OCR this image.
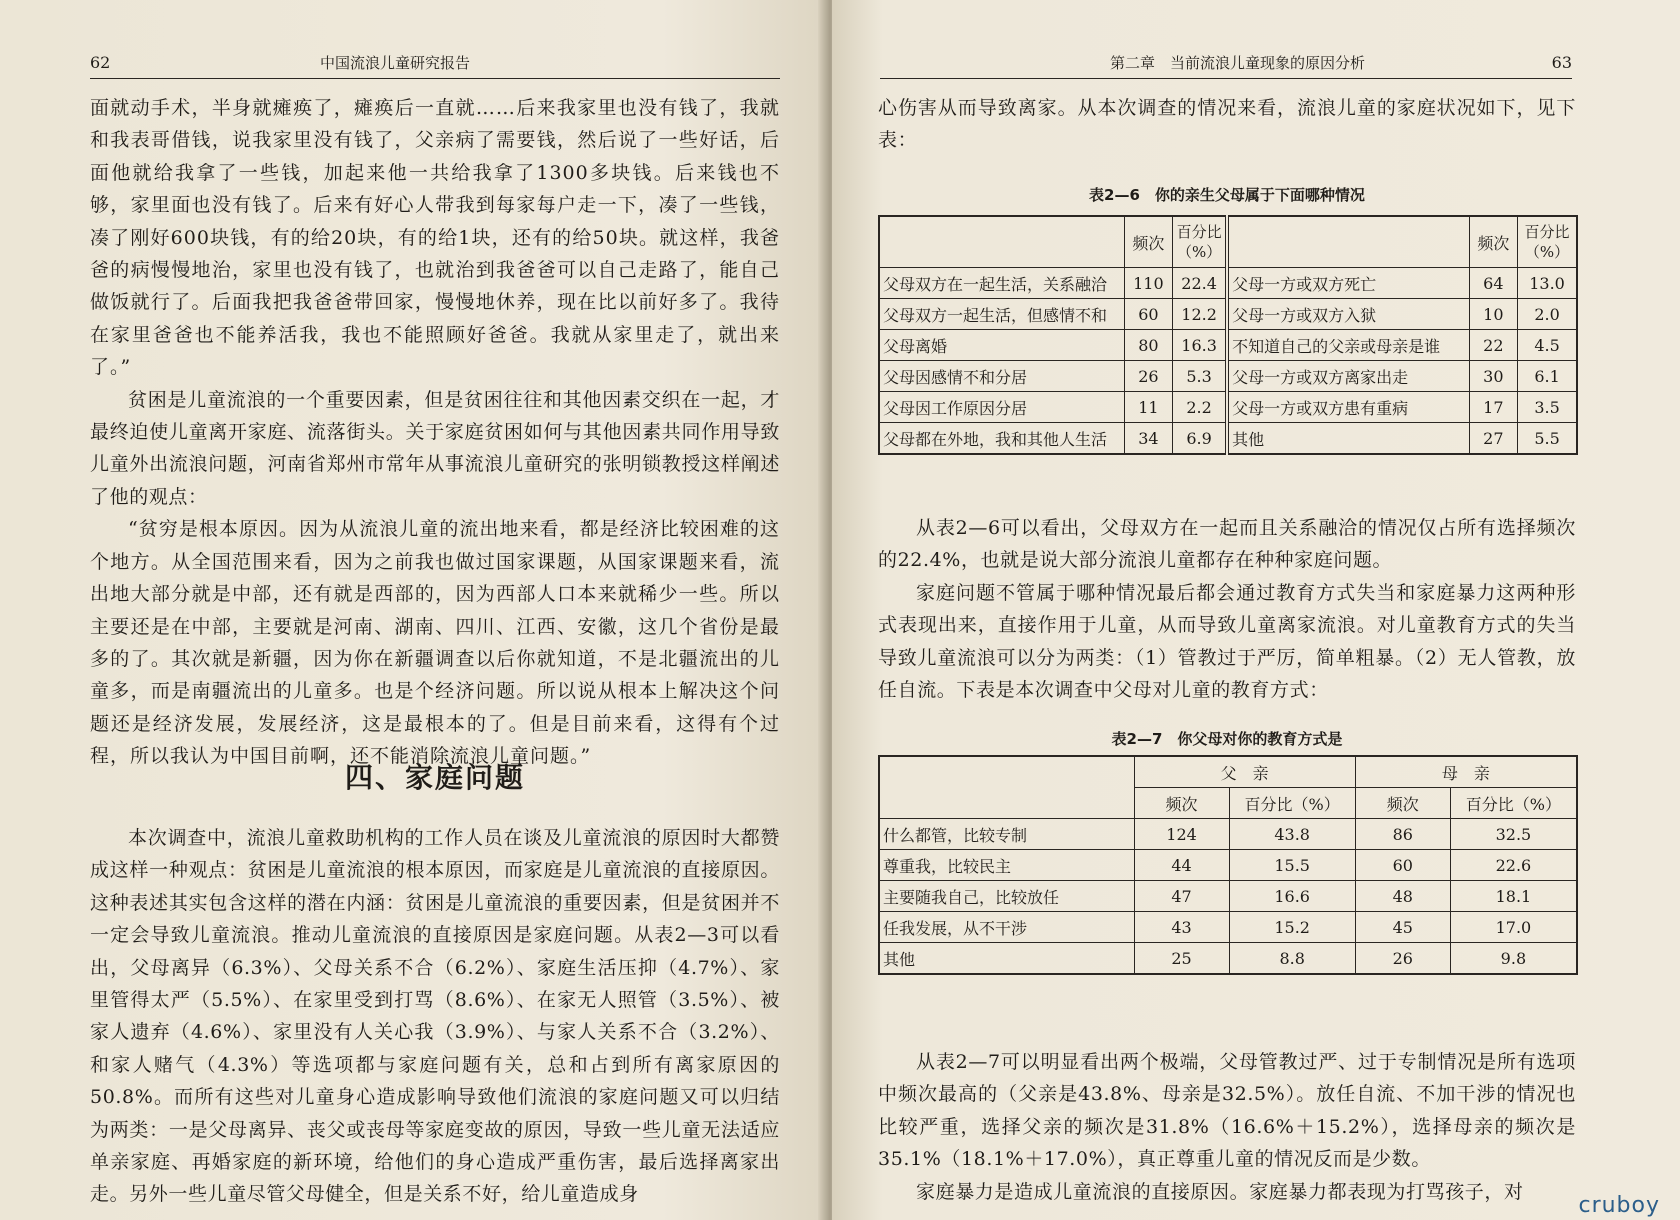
62	中国流浪儿童研究报告

面就动手术，半身就瘫痪了，瘫痪后一直就……后来我家里也没有钱了，我就和我表哥借钱，说我家里没有钱了，父亲病了需要钱，然后说了一些好话，后面他就给我拿了一些钱，加起来他一共给我拿了1300多块钱。后来钱也不够，家里面也没有钱了。后来有好心人带我到每家每户走一下，凑了一些钱，凑了刚好600块钱，有的给20块，有的给1块，还有的给50块。就这样，我爸爸的病慢慢地治，家里也没有钱了，也就治到我爸爸可以自己走路了，能自己做饭就行了。后面我把我爸爸带回家，慢慢地休养，现在比以前好多了。我待在家里爸爸也不能养活我，我也不能照顾好爸爸。我就从家里走了，就出来了。”

贫困是儿童流浪的一个重要因素，但是贫困往往和其他因素交织在一起，才最终迫使儿童离开家庭、流落街头。关于家庭贫困如何与其他因素共同作用导致儿童外出流浪问题，河南省郑州市常年从事流浪儿童研究的张明锁教授这样阐述了他的观点：

“贫穷是根本原因。因为从流浪儿童的流出地来看，都是经济比较困难的这个地方。从全国范围来看，因为之前我也做过国家课题，从国家课题来看，流出地大部分就是中部，还有就是西部的，因为西部人口本来就稀少一些。所以主要还是在中部，主要就是河南、湖南、四川、江西、安徽，这几个省份是最多的了。其次就是新疆，因为你在新疆调查以后你就知道，不是北疆流出的儿童多，而是南疆流出的儿童多。也是个经济问题。所以说从根本上解决这个问题还是经济发展，发展经济，这是最根本的了。但是目前来看，这得有个过程，所以我认为中国目前啊，还不能消除流浪儿童问题。”

四、家庭问题

本次调查中，流浪儿童救助机构的工作人员在谈及儿童流浪的原因时大都赞成这样一种观点：贫困是儿童流浪的根本原因，而家庭是儿童流浪的直接原因。这种表述其实包含这样的潜在内涵：贫困是儿童流浪的重要因素，但是贫困并不一定会导致儿童流浪。推动儿童流浪的直接原因是家庭问题。从表2—3可以看出，父母离异（6.3%）、父母关系不合（6.2%）、家庭生活压抑（4.7%）、家里管得太严（5.5%）、在家里受到打骂（8.6%）、在家无人照管（3.5%）、被家人遗弃（4.6%）、家里没有人关心我（3.9%）、与家人关系不合（3.2%）、和家人赌气（4.3%）等选项都与家庭问题有关，总和占到所有离家原因的50.8%。而所有这些对儿童身心造成影响导致他们流浪的家庭问题又可以归结为两类：一是父母离异、丧父或丧母等家庭变故的原因，导致一些儿童无法适应单亲家庭、再婚家庭的新环境，给他们的身心造成严重伤害，最后选择离家出走。另外一些儿童尽管父母健全，但是关系不好，给儿童造成身

第二章　当前流浪儿童现象的原因分析	63

心伤害从而导致离家。从本次调查的情况来看，流浪儿童的家庭状况如下，见下表：

表2—6　你的亲生父母属于下面哪种情况
	频次	百分比
（%）		频次	百分比
（%）
父母双方在一起生活，关系融洽	110	22.4	父母一方或双方死亡	64	13.0
父母双方一起生活，但感情不和	60	12.2	父母一方或双方入狱	10	2.0
父母离婚	80	16.3	不知道自己的父亲或母亲是谁	22	4.5
父母因感情不和分居	26	5.3	父母一方或双方离家出走	30	6.1
父母因工作原因分居	11	2.2	父母一方或双方患有重病	17	3.5
父母都在外地，我和其他人生活	34	6.9	其他	27	5.5

从表2—6可以看出，父母双方在一起而且关系融洽的情况仅占所有选择频次的22.4%，也就是说大部分流浪儿童都存在种种家庭问题。

家庭问题不管属于哪种情况最后都会通过教育方式失当和家庭暴力这两种形式表现出来，直接作用于儿童，从而导致儿童离家流浪。对儿童教育方式的失当导致儿童流浪可以分为两类：（1）管教过于严厉，简单粗暴。（2）无人管教，放任自流。下表是本次调查中父母对儿童的教育方式：

表2—7　你父母对你的教育方式是
	父　亲		母　亲	
	频次	百分比（%）	频次	百分比（%）
什么都管，比较专制	124	43.8	86	32.5
尊重我，比较民主	44	15.5	60	22.6
主要随我自己，比较放任	47	16.6	48	18.1
任我发展，从不干涉	43	15.2	45	17.0
其他	25	8.8	26	9.8

从表2—7可以明显看出两个极端，父母管教过严、过于专制情况是所有选项中频次最高的（父亲是43.8%、母亲是32.5%）。放任自流、不加干涉的情况也比较严重，选择父亲的频次是31.8%（16.6%＋15.2%），选择母亲的频次是35.1%（18.1%＋17.0%），真正尊重儿童的情况反而是少数。

家庭暴力是造成儿童流浪的直接原因。家庭暴力都表现为打骂孩子，对

cruboy
